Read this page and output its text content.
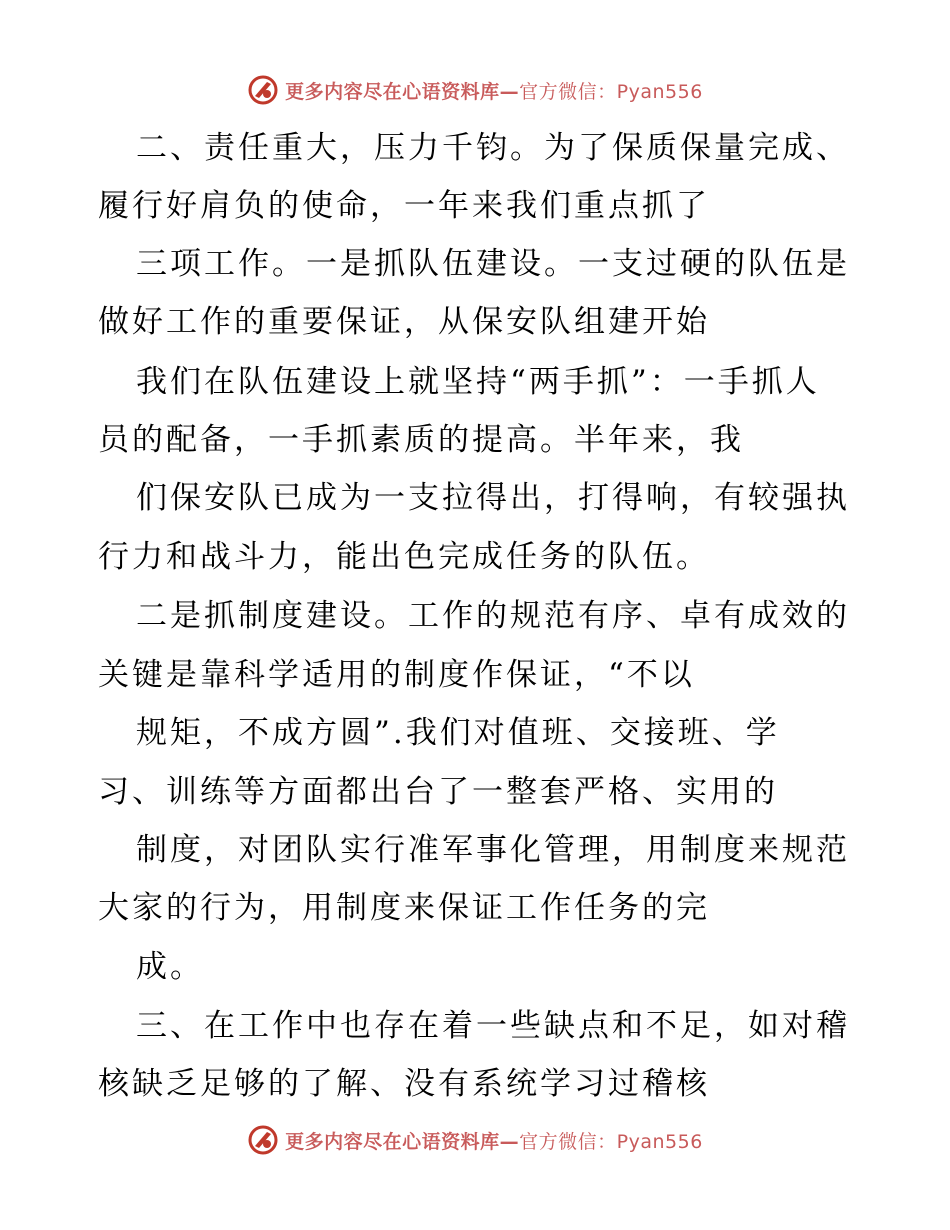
更多内容尽在心语资料库—官方微信：Pyan556
二、责任重大，压力千钧。为了保质保量完成、
履行好肩负的使命，一年来我们重点抓了
三项工作。一是抓队伍建设。一支过硬的队伍是
做好工作的重要保证，从保安队组建开始
我们在队伍建设上就坚持“两手抓”：一手抓人
员的配备，一手抓素质的提高。半年来，我
们保安队已成为一支拉得出，打得响，有较强执
行力和战斗力，能出色完成任务的队伍。
二是抓制度建设。工作的规范有序、卓有成效的
关键是靠科学适用的制度作保证，“不以
规矩，不成方圆”.我们对值班、交接班、学
习、训练等方面都出台了一整套严格、实用的
制度，对团队实行准军事化管理，用制度来规范
大家的行为，用制度来保证工作任务的完
成。
三、在工作中也存在着一些缺点和不足，如对稽
核缺乏足够的了解、没有系统学习过稽核
更多内容尽在心语资料库—官方微信：Pyan556
